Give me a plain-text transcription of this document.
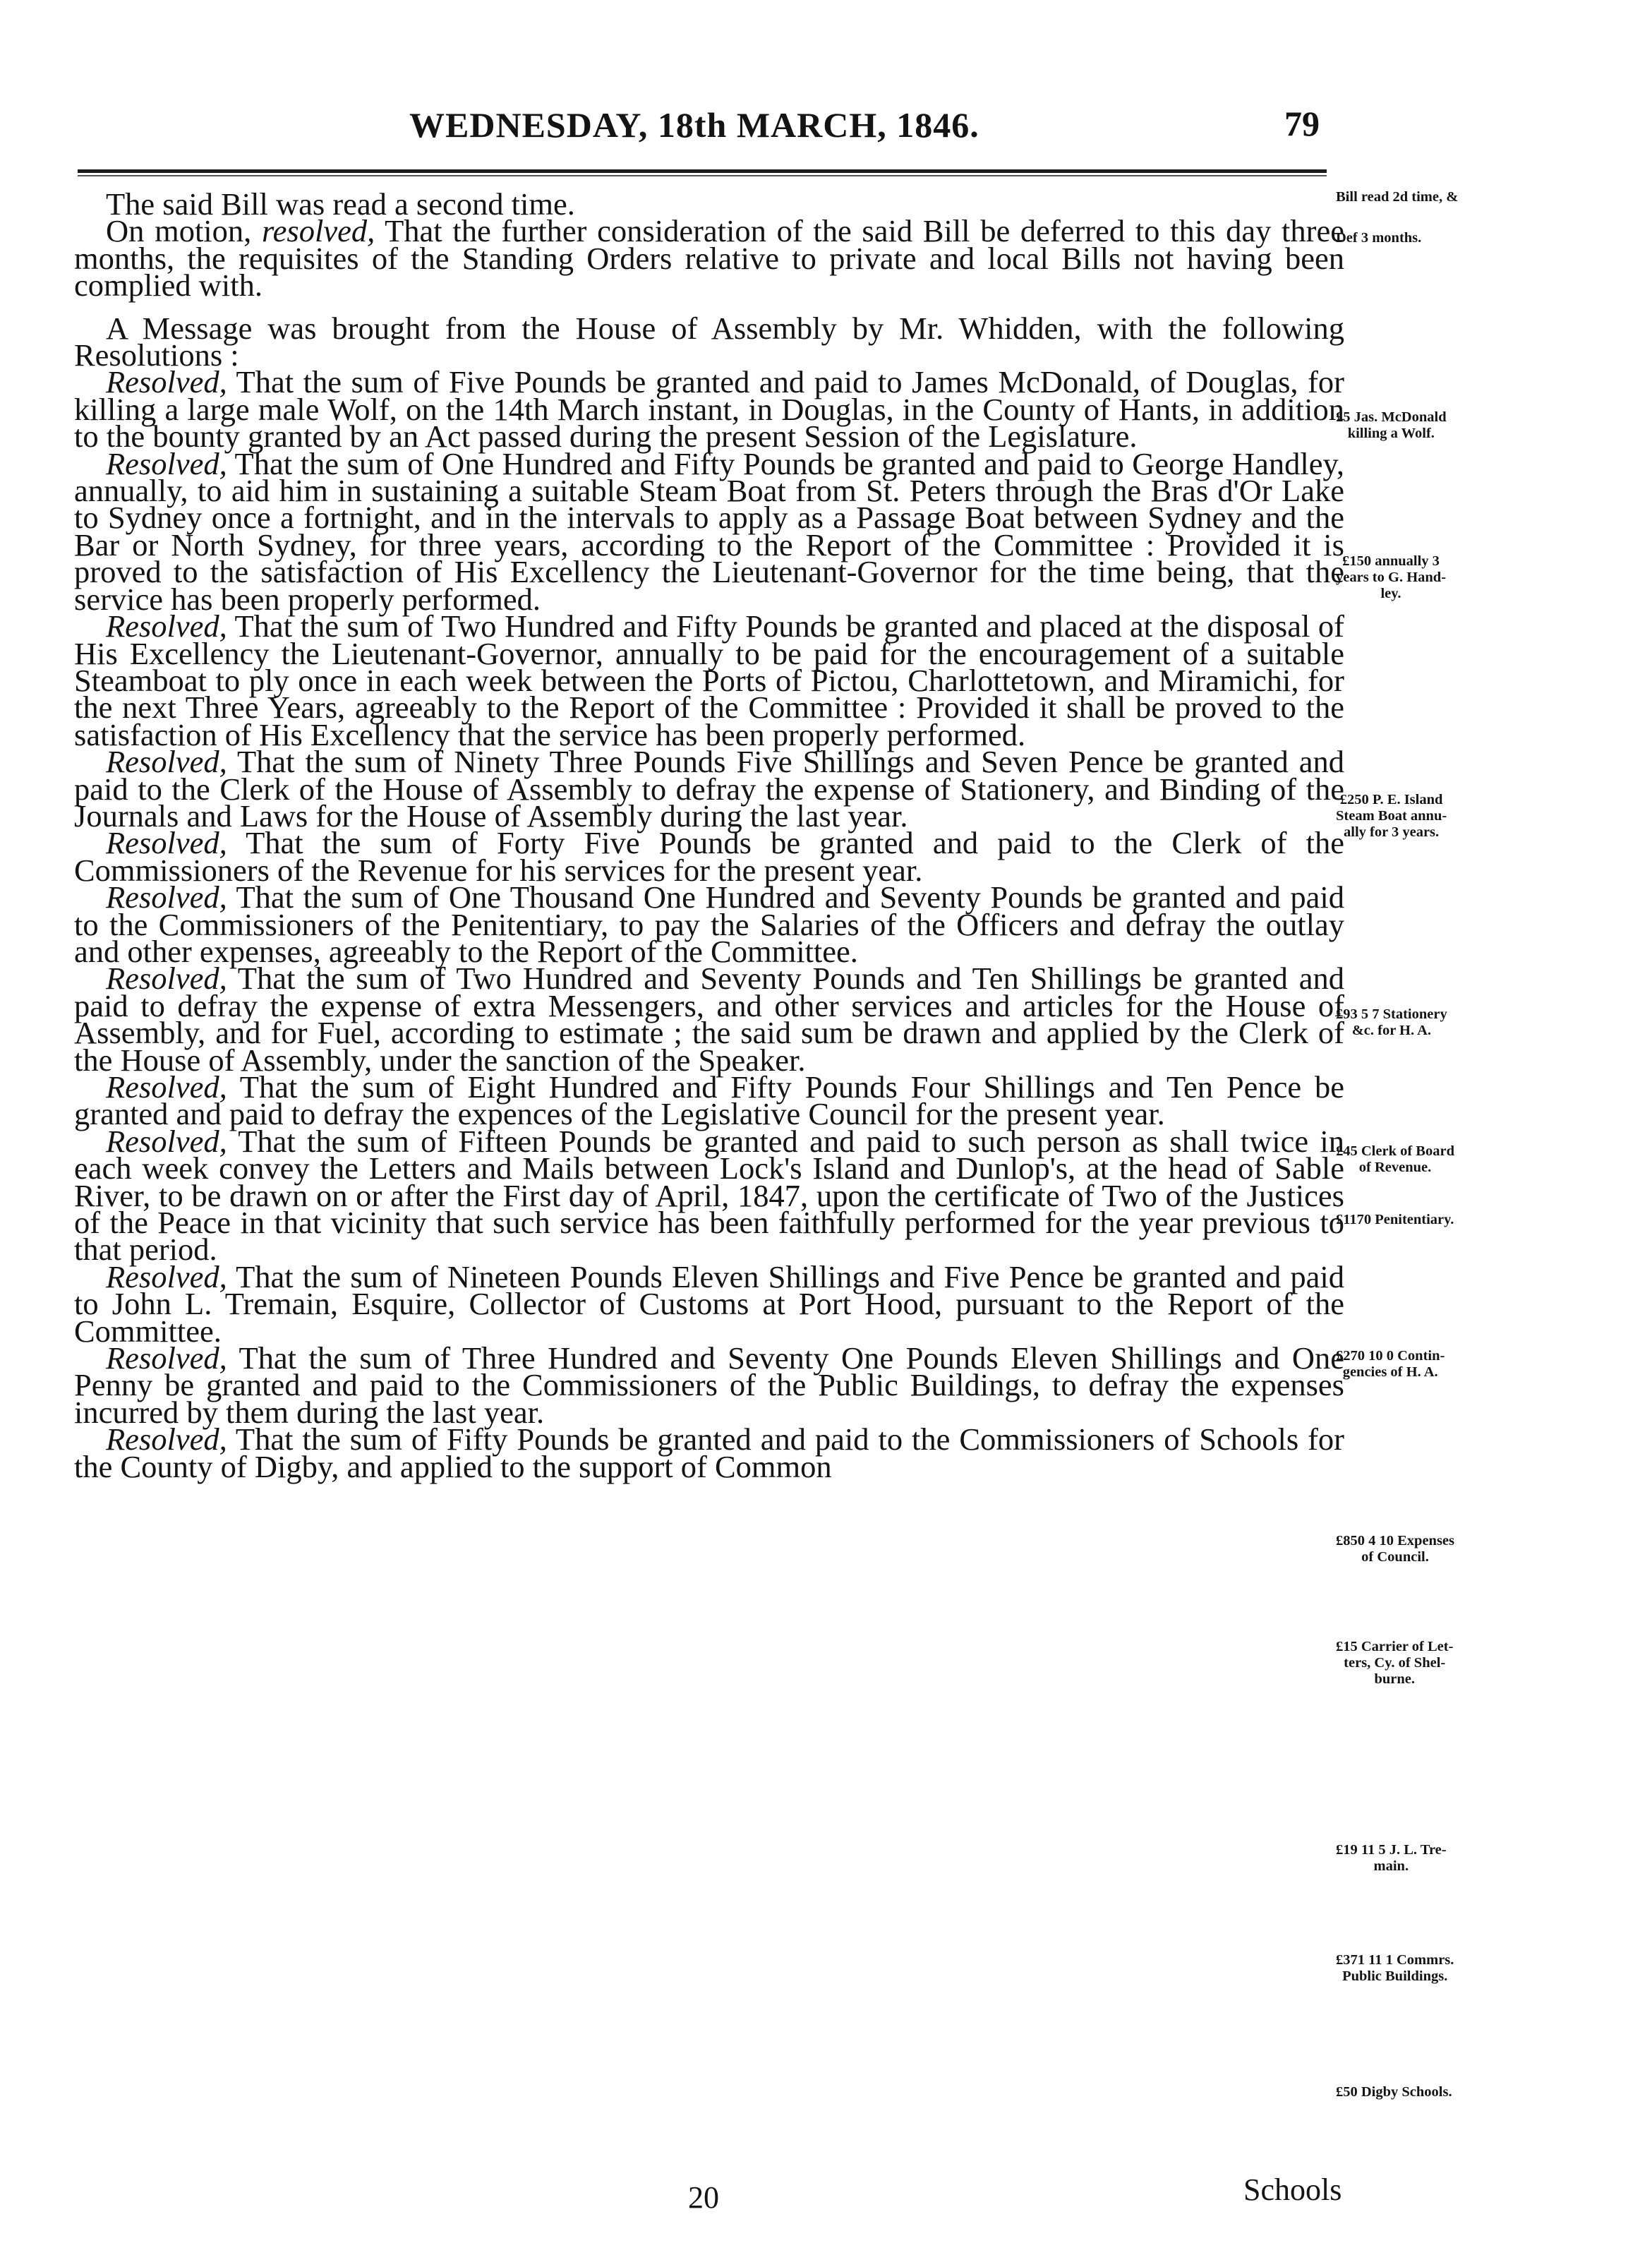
WEDNESDAY, 18th MARCH, 1846.	79

The said Bill was read a second time.

On motion, resolved, That the further consideration of the said Bill be deferred to this day three months, the requisites of the Standing Orders relative to private and local Bills not having been complied with.

A Message was brought from the House of Assembly by Mr. Whidden, with the following Resolutions :

Resolved, That the sum of Five Pounds be granted and paid to James McDonald, of Douglas, for killing a large male Wolf, on the 14th March instant, in Douglas, in the County of Hants, in addition to the bounty granted by an Act passed during the present Session of the Legislature.

Resolved, That the sum of One Hundred and Fifty Pounds be granted and paid to George Handley, annually, to aid him in sustaining a suitable Steam Boat from St. Peters through the Bras d'Or Lake to Sydney once a fortnight, and in the intervals to apply as a Passage Boat between Sydney and the Bar or North Sydney, for three years, according to the Report of the Committee : Provided it is proved to the satisfaction of His Excellency the Lieutenant-Governor for the time being, that the service has been properly performed.

Resolved, That the sum of Two Hundred and Fifty Pounds be granted and placed at the disposal of His Excellency the Lieutenant-Governor, annually to be paid for the encouragement of a suitable Steamboat to ply once in each week between the Ports of Pictou, Charlottetown, and Miramichi, for the next Three Years, agreeably to the Report of the Committee : Provided it shall be proved to the satisfaction of His Excellency that the service has been properly performed.

Resolved, That the sum of Ninety Three Pounds Five Shillings and Seven Pence be granted and paid to the Clerk of the House of Assembly to defray the expense of Stationery, and Binding of the Journals and Laws for the House of Assembly during the last year.

Resolved, That the sum of Forty Five Pounds be granted and paid to the Clerk of the Commissioners of the Revenue for his services for the present year.

Resolved, That the sum of One Thousand One Hundred and Seventy Pounds be granted and paid to the Commissioners of the Penitentiary, to pay the Salaries of the Officers and defray the outlay and other expenses, agreeably to the Report of the Committee.

Resolved, That the sum of Two Hundred and Seventy Pounds and Ten Shillings be granted and paid to defray the expense of extra Messengers, and other services and articles for the House of Assembly, and for Fuel, according to estimate ; the said sum be drawn and applied by the Clerk of the House of Assembly, under the sanction of the Speaker.

Resolved, That the sum of Eight Hundred and Fifty Pounds Four Shillings and Ten Pence be granted and paid to defray the expences of the Legislative Council for the present year.

Resolved, That the sum of Fifteen Pounds be granted and paid to such person as shall twice in each week convey the Letters and Mails between Lock's Island and Dunlop's, at the head of Sable River, to be drawn on or after the First day of April, 1847, upon the certificate of Two of the Justices of the Peace in that vicinity that such service has been faithfully performed for the year previous to that period.

Resolved, That the sum of Nineteen Pounds Eleven Shillings and Five Pence be granted and paid to John L. Tremain, Esquire, Collector of Customs at Port Hood, pursuant to the Report of the Committee.

Resolved, That the sum of Three Hundred and Seventy One Pounds Eleven Shillings and One Penny be granted and paid to the Commissioners of the Public Buildings, to defray the expenses incurred by them during the last year.

Resolved, That the sum of Fifty Pounds be granted and paid to the Commissioners of Schools for the County of Digby, and applied to the support of Common

20	Schools
Bill read 2d time, &
Def 3 months.
£5 Jas. McDonald
killing a Wolf.
£150 annually 3
years to G. Hand-
ley.
£250 P. E. Island
Steam Boat annu-
ally for 3 years.
£93 5 7 Stationery
&c. for H. A.
£45 Clerk of Board
of Revenue.
£1170 Penitentiary.
£270 10 0 Contin-
gencies of H. A.
£850 4 10 Expenses
of Council.
£15 Carrier of Let-
ters, Cy. of Shel-
burne.
£19 11 5 J. L. Tre-
main.
£371 11 1 Commrs.
Public Buildings.
£50 Digby Schools.
